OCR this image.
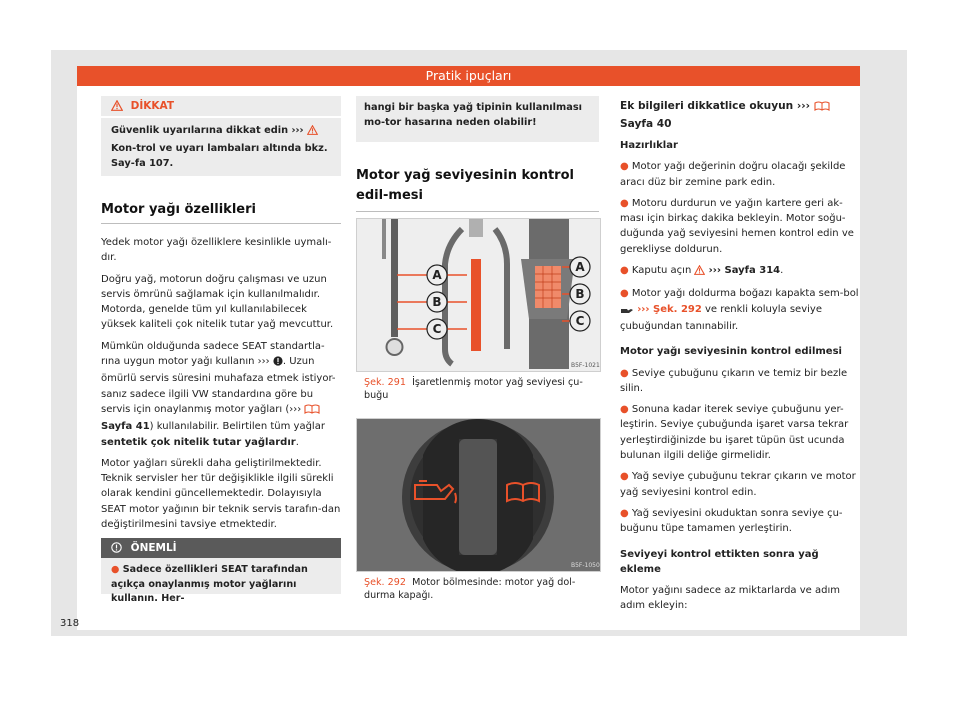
Pratik ipuçları
DİKKAT
Güvenlik uyarılarına dikkat edin ›››  Kon-trol ve uyarı lambaları altında bkz. Say-fa 107.
Motor yağı özellikleri

Yedek motor yağı özelliklere kesinlikle uymalı-dır.

Doğru yağ, motorun doğru çalışması ve uzun servis ömrünü sağlamak için kullanılmalıdır. Motorda, genelde tüm yıl kullanılabilecek yüksek kaliteli çok nitelik tutar yağ mevcuttur.

Mümkün olduğunda sadece SEAT standartla-rına uygun motor yağı kullanın ››› . Uzun ömürlü servis süresini muhafaza etmek istiyor-sanız sadece ilgili VW standardına göre bu servis için onaylanmış motor yağları (›››  Sayfa 41) kullanılabilir. Belirtilen tüm yağlar sentetik çok nitelik tutar yağlardır.

Motor yağları sürekli daha geliştirilmektedir. Teknik servisler her tür değişiklikle ilgili sürekli olarak kendini güncellemektedir. Dolayısıyla SEAT motor yağının bir teknik servis tarafın-dan değiştirilmesini tavsiye etmektedir.

ÖNEMLİ
● Sadece özellikleri SEAT tarafından açıkça onaylanmış motor yağlarını kullanın. Her-
hangi bir başka yağ tipinin kullanılması mo-tor hasarına neden olabilir!
Motor yağ seviyesinin kontrol edil-mesi
A
B
C
A
B
C
B5F-1021
Şek. 291 İşaretlenmiş motor yağ seviyesi çu-buğu
B5F-1050
Şek. 292 Motor bölmesinde: motor yağ dol-durma kapağı.

Ek bilgileri dikkatlice okuyun ›››  Sayfa 40

Hazırlıklar

● Motor yağı değerinin doğru olacağı şekilde aracı düz bir zemine park edin.

● Motoru durdurun ve yağın kartere geri ak-ması için birkaç dakika bekleyin. Motor soğu-duğunda yağ seviyesini hemen kontrol edin ve gerekliyse doldurun.

● Kaputu açın ››› Sayfa 314.

● Motor yağı doldurma boğazı kapakta sem-bol  ››› Şek. 292 ve renkli koluyla seviye çubuğundan tanınabilir.

Motor yağı seviyesinin kontrol edilmesi

● Seviye çubuğunu çıkarın ve temiz bir bezle silin.

● Sonuna kadar iterek seviye çubuğunu yer-leştirin. Seviye çubuğunda işaret varsa tekrar yerleştirdiğinizde bu işaret tüpün üst ucunda bulunan ilgili deliğe girmelidir.

● Yağ seviye çubuğunu tekrar çıkarın ve motor yağ seviyesini kontrol edin.

● Yağ seviyesini okuduktan sonra seviye çu-buğunu tüpe tamamen yerleştirin.

Seviyeyi kontrol ettikten sonra yağ ekleme

Motor yağını sadece az miktarlarda ve adım adım ekleyin:

318
